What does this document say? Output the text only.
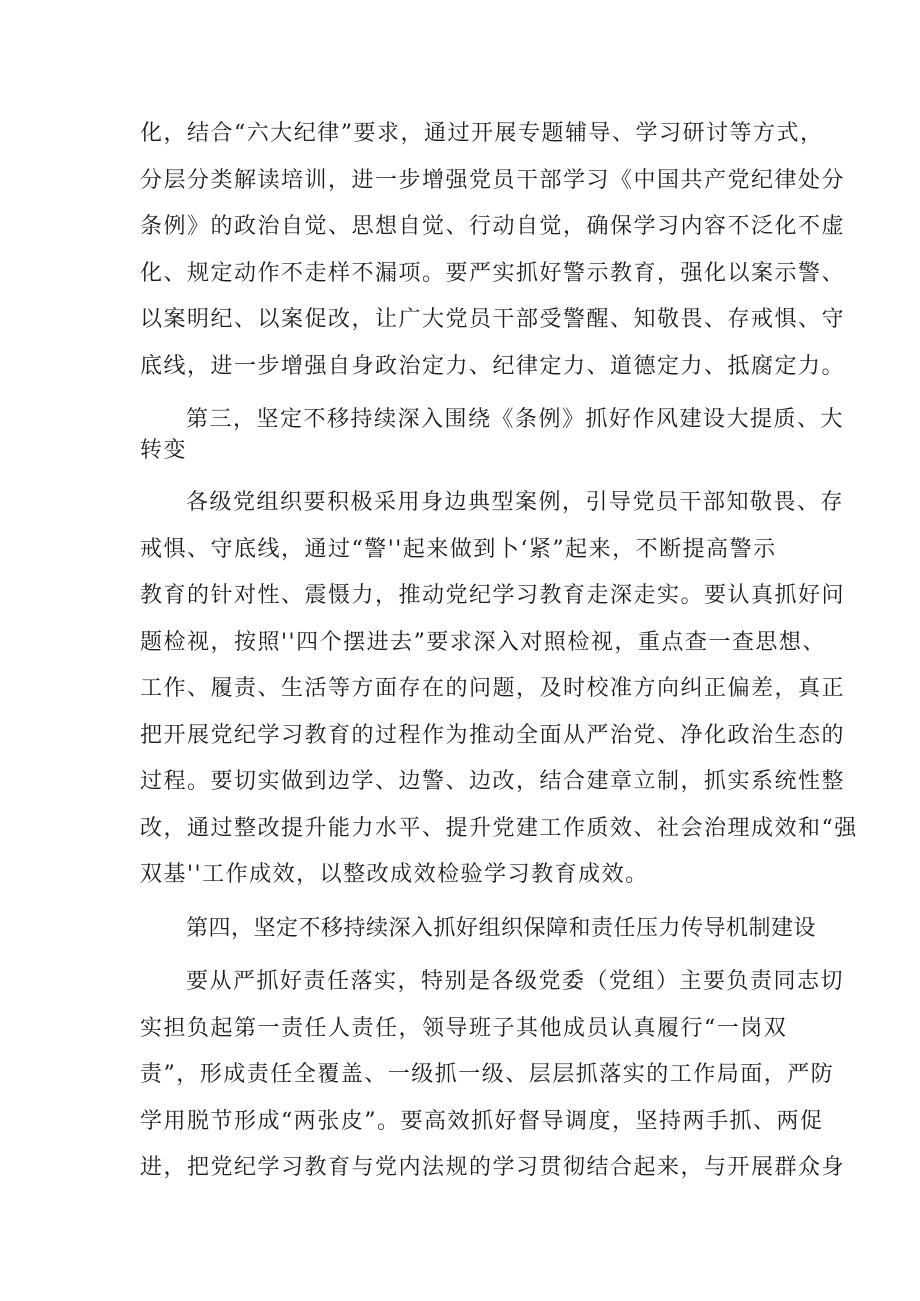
化，结合“六大纪律”要求，通过开展专题辅导、学习研讨等方式，
分层分类解读培训，进一步增强党员干部学习《中国共产党纪律处分
条例》的政治自觉、思想自觉、行动自觉，确保学习内容不泛化不虚
化、规定动作不走样不漏项。要严实抓好警示教育，强化以案示警、
以案明纪、以案促改，让广大党员干部受警醒、知敬畏、存戒惧、守
底线，进一步增强自身政治定力、纪律定力、道德定力、抵腐定力。
第三，坚定不移持续深入围绕《条例》抓好作风建设大提质、大
转变
各级党组织要积极采用身边典型案例，引导党员干部知敬畏、存
戒惧、守底线，通过“警''起来做到卜‘紧”起来，不断提高警示
教育的针对性、震慑力，推动党纪学习教育走深走实。要认真抓好问
题检视，按照''四个摆进去”要求深入对照检视，重点查一查思想、
工作、履责、生活等方面存在的问题，及时校准方向纠正偏差，真正
把开展党纪学习教育的过程作为推动全面从严治党、净化政治生态的
过程。要切实做到边学、边警、边改，结合建章立制，抓实系统性整
改，通过整改提升能力水平、提升党建工作质效、社会治理成效和“强
双基''工作成效，以整改成效检验学习教育成效。
第四，坚定不移持续深入抓好组织保障和责任压力传导机制建设
要从严抓好责任落实，特别是各级党委（党组）主要负责同志切
实担负起第一责任人责任，领导班子其他成员认真履行“一岗双
责”，形成责任全覆盖、一级抓一级、层层抓落实的工作局面，严防
学用脱节形成“两张皮”。要高效抓好督导调度，坚持两手抓、两促
进，把党纪学习教育与党内法规的学习贯彻结合起来，与开展群众身
